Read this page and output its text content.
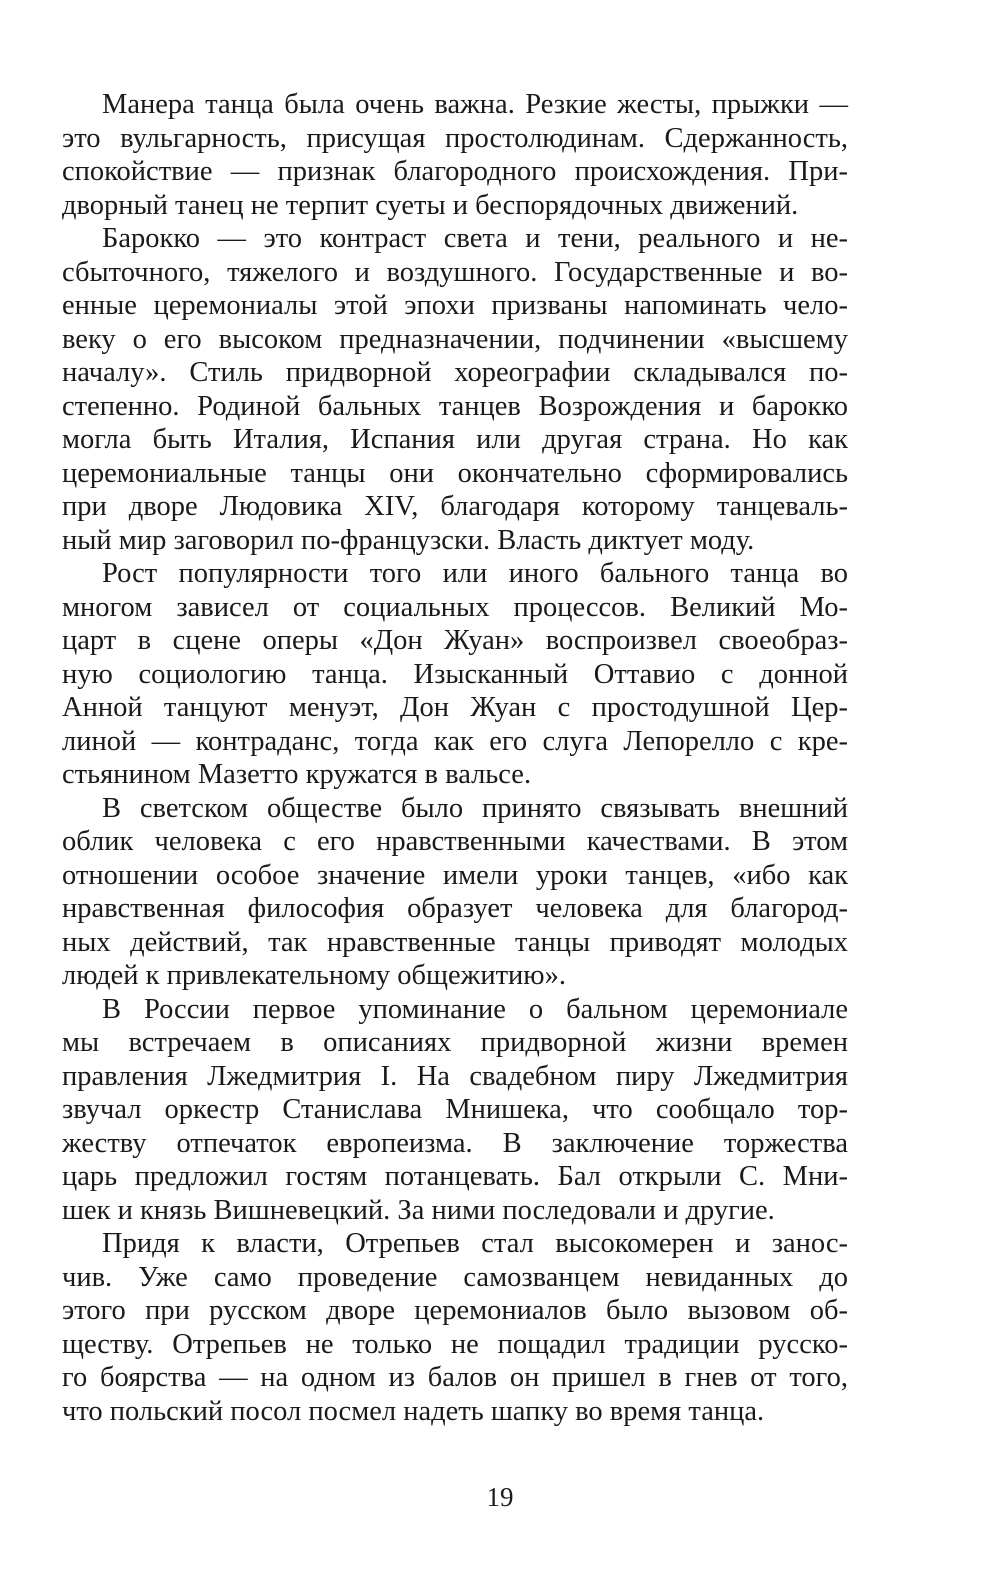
Манера танца была очень важна. Резкие жесты, прыжки —
это вульгарность, присущая простолюдинам. Сдержанность,
спокойствие — признак благородного происхождения. При-
дворный танец не терпит суеты и беспорядочных движений.
Барокко — это контраст света и тени, реального и не-
сбыточного, тяжелого и воздушного. Государственные и во-
енные церемониалы этой эпохи призваны напоминать чело-
веку о его высоком предназначении, подчинении «высшему
началу». Стиль придворной хореографии складывался по-
степенно. Родиной бальных танцев Возрождения и барокко
могла быть Италия, Испания или другая страна. Но как
церемониальные танцы они окончательно сформировались
при дворе Людовика XIV, благодаря которому танцеваль-
ный мир заговорил по-французски. Власть диктует моду.
Рост популярности того или иного бального танца во
многом зависел от социальных процессов. Великий Мо-
царт в сцене оперы «Дон Жуан» воспроизвел своеобраз-
ную социологию танца. Изысканный Оттавио с донной
Анной танцуют менуэт, Дон Жуан с простодушной Цер-
линой — контраданс, тогда как его слуга Лепорелло с кре-
стьянином Мазетто кружатся в вальсе.
В светском обществе было принято связывать внешний
облик человека с его нравственными качествами. В этом
отношении особое значение имели уроки танцев, «ибо как
нравственная философия образует человека для благород-
ных действий, так нравственные танцы приводят молодых
людей к привлекательному общежитию».
В России первое упоминание о бальном церемониале
мы встречаем в описаниях придворной жизни времен
правления Лжедмитрия I. На свадебном пиру Лжедмитрия
звучал оркестр Станислава Мнишека, что сообщало тор-
жеству отпечаток европеизма. В заключение торжества
царь предложил гостям потанцевать. Бал открыли С. Мни-
шек и князь Вишневецкий. За ними последовали и другие.
Придя к власти, Отрепьев стал высокомерен и занос-
чив. Уже само проведение самозванцем невиданных до
этого при русском дворе церемониалов было вызовом об-
ществу. Отрепьев не только не пощадил традиции русско-
го боярства — на одном из балов он пришел в гнев от того,
что польский посол посмел надеть шапку во время танца.
19
